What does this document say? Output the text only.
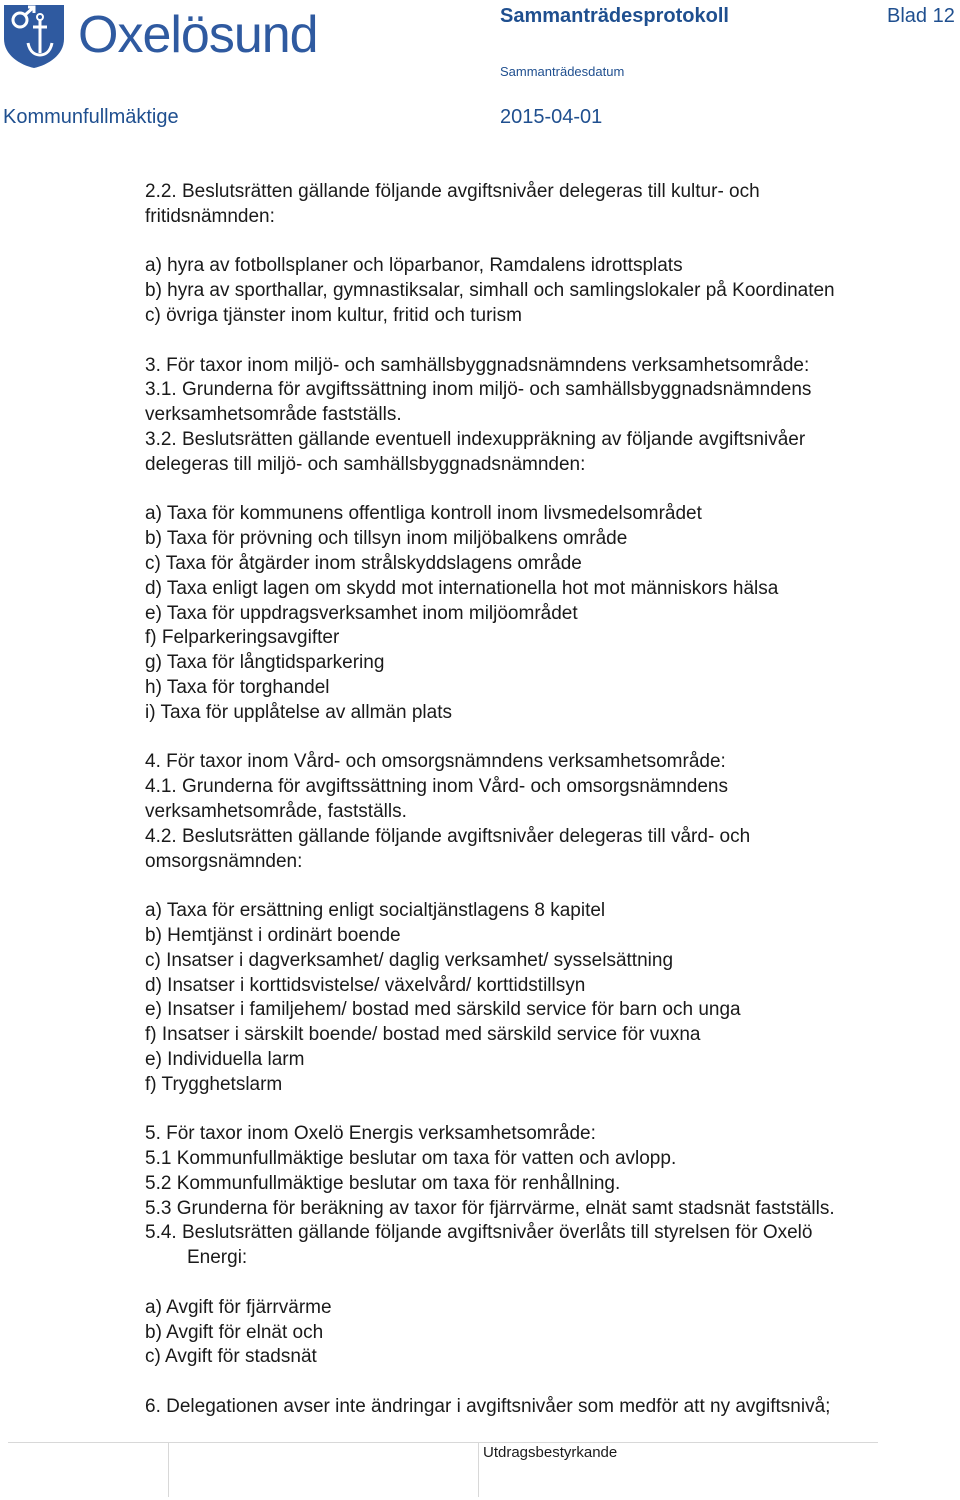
Oxelösund	Sammanträdesprotokoll	Blad 12
Sammanträdesdatum
Kommunfullmäktige	2015-04-01
2.2. Beslutsrätten gällande följande avgiftsnivåer delegeras till kultur- och
fritidsnämnden:
a) hyra av fotbollsplaner och löparbanor, Ramdalens idrottsplats
b) hyra av sporthallar, gymnastiksalar, simhall och samlingslokaler på Koordinaten
c) övriga tjänster inom kultur, fritid och turism
3. För taxor inom miljö- och samhällsbyggnadsnämndens verksamhetsområde:
3.1. Grunderna för avgiftssättning inom miljö- och samhällsbyggnadsnämndens
verksamhetsområde fastställs.
3.2. Beslutsrätten gällande eventuell indexuppräkning av följande avgiftsnivåer
delegeras till miljö- och samhällsbyggnadsnämnden:
a) Taxa för kommunens offentliga kontroll inom livsmedelsområdet
b) Taxa för prövning och tillsyn inom miljöbalkens område
c) Taxa för åtgärder inom strålskyddslagens område
d) Taxa enligt lagen om skydd mot internationella hot mot människors hälsa
e) Taxa för uppdragsverksamhet inom miljöområdet
f) Felparkeringsavgifter
g) Taxa för långtidsparkering
h) Taxa för torghandel
i) Taxa för upplåtelse av allmän plats
4. För taxor inom Vård- och omsorgsnämndens verksamhetsområde:
4.1. Grunderna för avgiftssättning inom Vård- och omsorgsnämndens
verksamhetsområde, fastställs.
4.2. Beslutsrätten gällande följande avgiftsnivåer delegeras till vård- och
omsorgsnämnden:
a) Taxa för ersättning enligt socialtjänstlagens 8 kapitel
b) Hemtjänst i ordinärt boende
c) Insatser i dagverksamhet/ daglig verksamhet/ sysselsättning
d) Insatser i korttidsvistelse/ växelvård/ korttidstillsyn
e) Insatser i familjehem/ bostad med särskild service för barn och unga
f) Insatser i särskilt boende/ bostad med särskild service för vuxna
e) Individuella larm
f) Trygghetslarm
5. För taxor inom Oxelö Energis verksamhetsområde:
5.1 Kommunfullmäktige beslutar om taxa för vatten och avlopp.
5.2 Kommunfullmäktige beslutar om taxa för renhållning.
5.3 Grunderna för beräkning av taxor för fjärrvärme, elnät samt stadsnät fastställs.
5.4. Beslutsrätten gällande följande avgiftsnivåer överlåts till styrelsen för Oxelö
Energi:
a) Avgift för fjärrvärme
b) Avgift för elnät och
c) Avgift för stadsnät
6. Delegationen avser inte ändringar i avgiftsnivåer som medför att ny avgiftsnivå;
Utdragsbestyrkande
